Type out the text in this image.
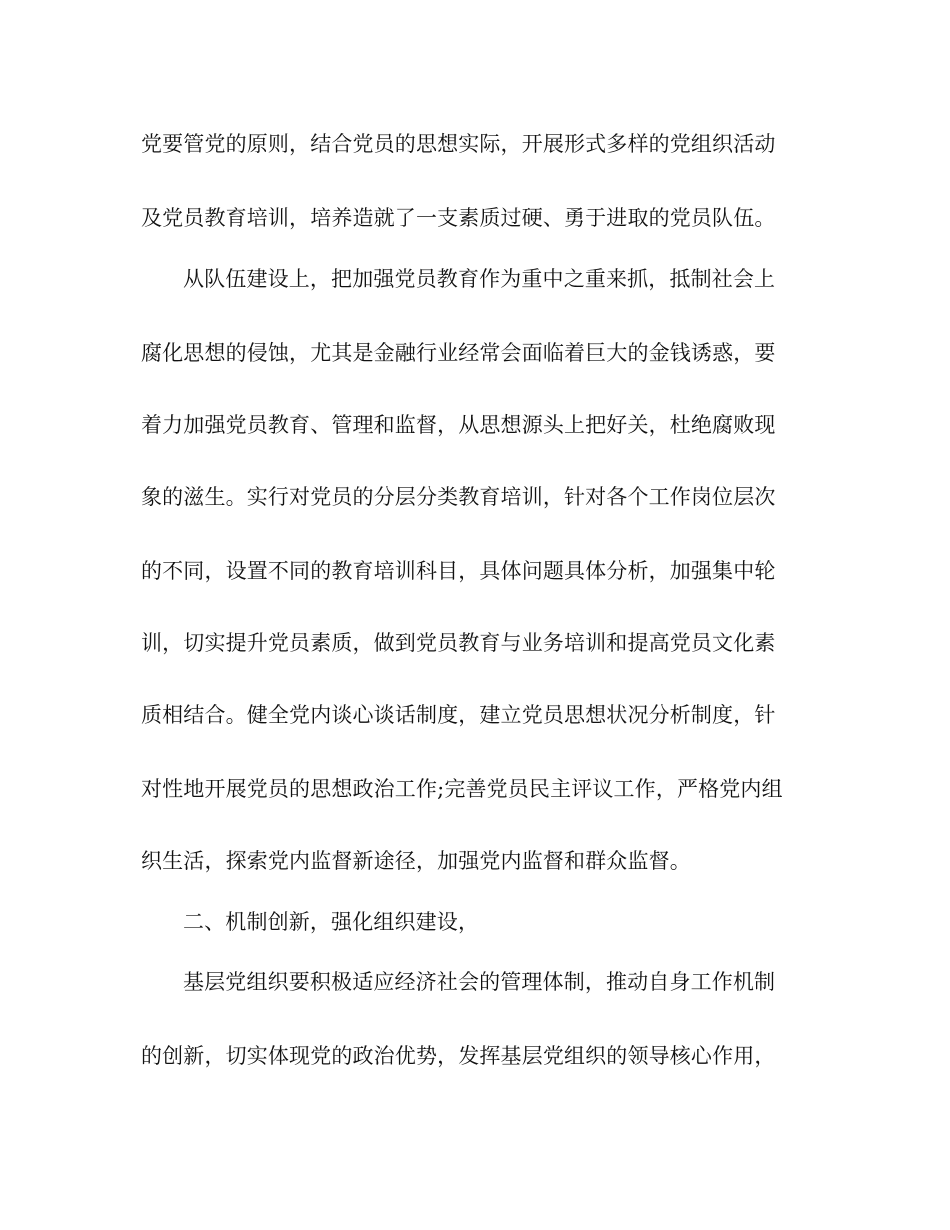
党要管党的原则，结合党员的思想实际，开展形式多样的党组织活动
及党员教育培训，培养造就了一支素质过硬、勇于进取的党员队伍。
从队伍建设上，把加强党员教育作为重中之重来抓，抵制社会上
腐化思想的侵蚀，尤其是金融行业经常会面临着巨大的金钱诱惑，要
着力加强党员教育、管理和监督，从思想源头上把好关，杜绝腐败现
象的滋生。实行对党员的分层分类教育培训，针对各个工作岗位层次
的不同，设置不同的教育培训科目，具体问题具体分析，加强集中轮
训，切实提升党员素质，做到党员教育与业务培训和提高党员文化素
质相结合。健全党内谈心谈话制度，建立党员思想状况分析制度，针
对性地开展党员的思想政治工作;完善党员民主评议工作，严格党内组
织生活，探索党内监督新途径，加强党内监督和群众监督。
二、机制创新，强化组织建设，
基层党组织要积极适应经济社会的管理体制，推动自身工作机制
的创新，切实体现党的政治优势，发挥基层党组织的领导核心作用，
